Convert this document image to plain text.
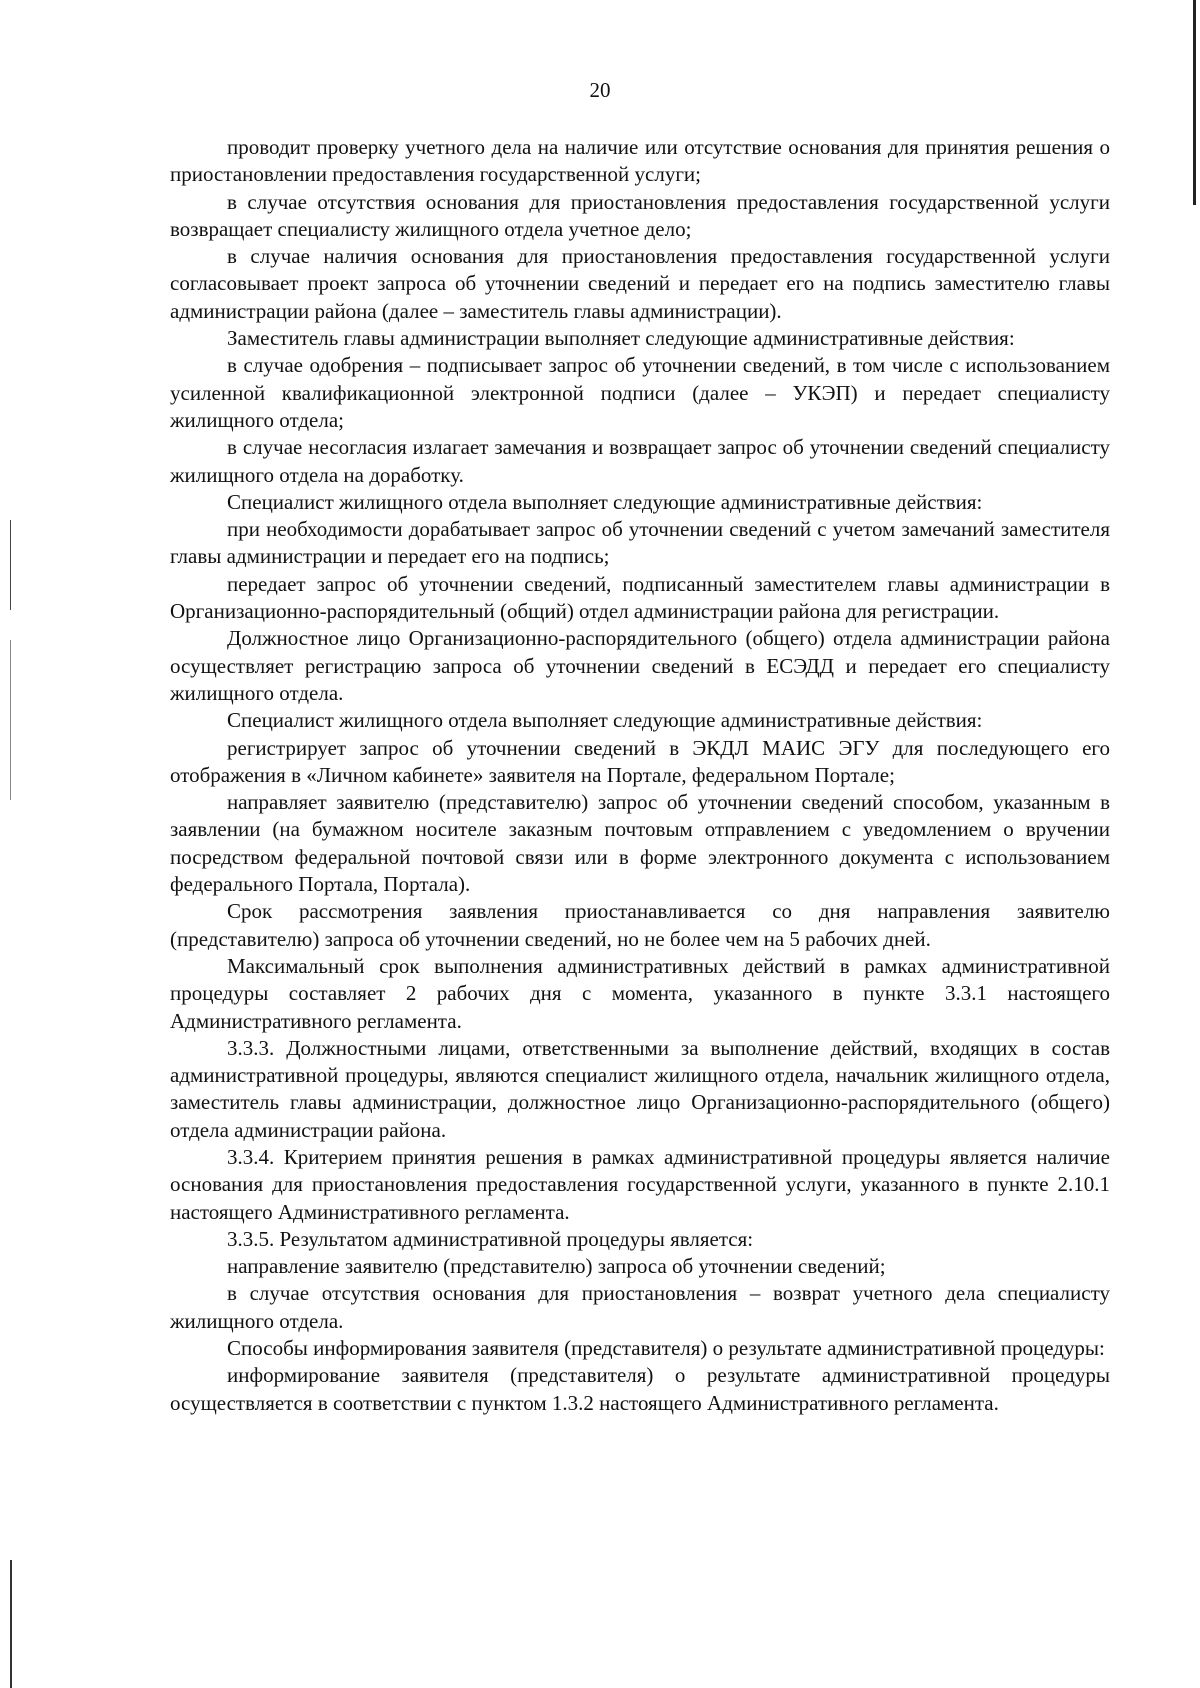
20

проводит проверку учетного дела на наличие или отсутствие основания для принятия решения о приостановлении предоставления государственной услуги;

в случае отсутствия основания для приостановления предоставления государственной услуги возвращает специалисту жилищного отдела учетное дело;

в случае наличия основания для приостановления предоставления государственной услуги согласовывает проект запроса об уточнении сведений и передает его на подпись заместителю главы администрации района (далее – заместитель главы администрации).

Заместитель главы администрации выполняет следующие административные действия:

в случае одобрения – подписывает запрос об уточнении сведений, в том числе с использованием усиленной квалификационной электронной подписи (далее – УКЭП) и передает специалисту жилищного отдела;

в случае несогласия излагает замечания и возвращает запрос об уточнении сведений специалисту жилищного отдела на доработку.

Специалист жилищного отдела выполняет следующие административные действия:

при необходимости дорабатывает запрос об уточнении сведений с учетом замечаний заместителя главы администрации и передает его на подпись;

передает запрос об уточнении сведений, подписанный заместителем главы администрации в Организационно-распорядительный (общий) отдел администрации района для регистрации.

Должностное лицо Организационно-распорядительного (общего) отдела администрации района осуществляет регистрацию запроса об уточнении сведений в ЕСЭДД и передает его специалисту жилищного отдела.

Специалист жилищного отдела выполняет следующие административные действия:

регистрирует запрос об уточнении сведений в ЭКДЛ МАИС ЭГУ для последующего его отображения в «Личном кабинете» заявителя на Портале, федеральном Портале;

направляет заявителю (представителю) запрос об уточнении сведений способом, указанным в заявлении (на бумажном носителе заказным почтовым отправлением с уведомлением о вручении посредством федеральной почтовой связи или в форме электронного документа с использованием федерального Портала, Портала).

Срок рассмотрения заявления приостанавливается со дня направления заявителю (представителю) запроса об уточнении сведений, но не более чем на 5 рабочих дней.

Максимальный срок выполнения административных действий в рамках административной процедуры составляет 2 рабочих дня с момента, указанного в пункте 3.3.1 настоящего Административного регламента.

3.3.3. Должностными лицами, ответственными за выполнение действий, входящих в состав административной процедуры, являются специалист жилищного отдела, начальник жилищного отдела, заместитель главы администрации, должностное лицо Организационно-распорядительного (общего) отдела администрации района.

3.3.4. Критерием принятия решения в рамках административной процедуры является наличие основания для приостановления предоставления государственной услуги, указанного в пункте 2.10.1 настоящего Административного регламента.

3.3.5. Результатом административной процедуры является:

направление заявителю (представителю) запроса об уточнении сведений;

в случае отсутствия основания для приостановления – возврат учетного дела специалисту жилищного отдела.

Способы информирования заявителя (представителя) о результате административной процедуры:

информирование заявителя (представителя) о результате административной процедуры осуществляется в соответствии с пунктом 1.3.2 настоящего Административного регламента.
